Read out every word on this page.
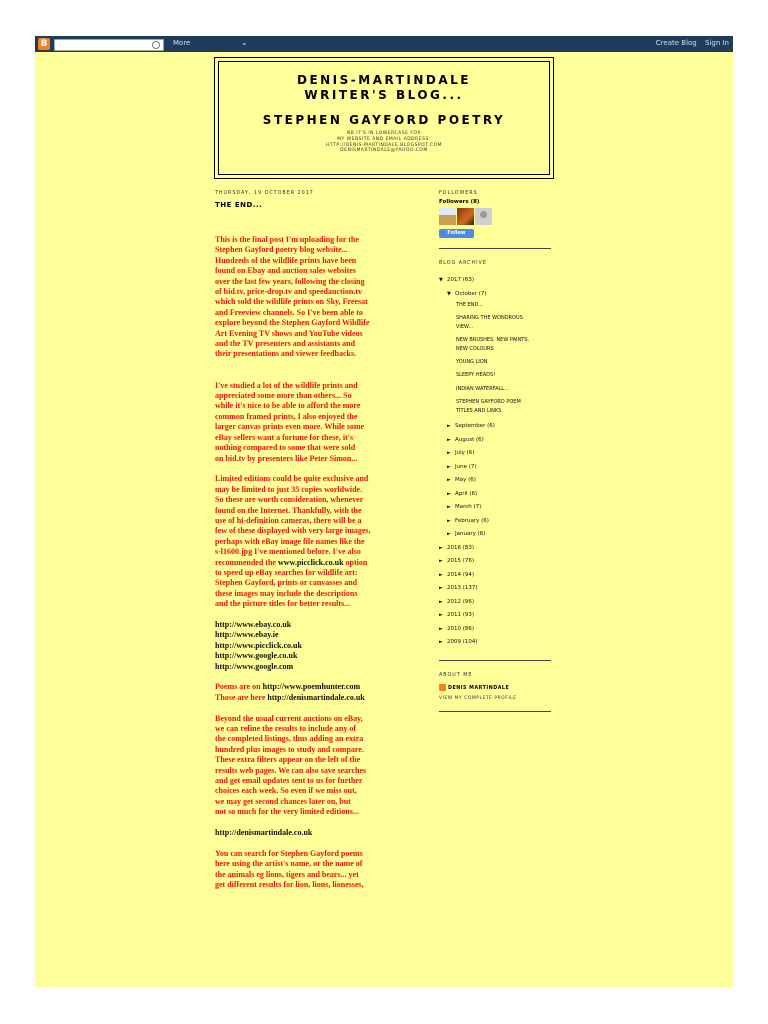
B	More	⌄	Create Blog Sign In
DENIS-MARTINDALE
WRITER'S BLOG...
STEPHEN GAYFORD POETRY
NB IT'S IN LOWERCASE FOR
MY WEBSITE AND EMAIL ADDRESS:
HTTP://DENIS-MARTINDALE.BLOGSPOT.COM
DENISMARTINDALE@YAHOO.COM
THURSDAY, 19 OCTOBER 2017
THE END...

This is the final post I'm uploading for the
Stephen Gayford poetry blog website...
Hundreds of the wildlife prints have been
found on Ebay and auction sales websites
over the last few years, following the closing
of bid.tv, price-drop.tv and speedauction.tv
which sold the wildlife prints on Sky, Freesat
and Freeview channels. So I've been able to
explore beyond the Stephen Gayford Wildlife
Art Evening TV shows and YouTube videos
and the TV presenters and assistants and
their presentations and viewer feedbacks.

I've studied a lot of the wildlife prints and
appreciated some more than others... So
while it's nice to be able to afford the more
common framed prints, I also enjoyed the
larger canvas prints even more. While some
eBay sellers want a fortune for these, it's
nothing compared to some that were sold
on bid.tv by presenters like Peter Simon...

Limited editions could be quite exclusive and
may be limited to just 35 copies worldwide.
So these are worth consideration, whenever
found on the Internet. Thankfully, with the
use of hi-definition cameras, there will be a
few of these displayed with very large images,
perhaps with eBay image file names like the
s-l1600.jpg I've mentioned before. I've also
recommended the www.picclick.co.uk option
to speed up eBay searches for wildlife art:
Stephen Gayford, prints or canvasses and
these images may include the descriptions
and the picture titles for better results...

http://www.ebay.co.uk
http://www.ebay.ie
http://www.picclick.co.uk
http://www.google.co.uk
http://www.google.com

Poems are on http://www.poemhunter.com
Those are here http://denismartindale.co.uk

Beyond the usual current auctions on eBay,
we can refine the results to include any of
the completed listings, thus adding an extra
hundred plus images to study and compare.
These extra filters appear on the left of the
results web pages. We can also save searches
and get email updates sent to us for further
choices each week. So even if we miss out,
we may get second chances later on, but
not so much for the very limited editions...

http://denismartindale.co.uk

You can search for Stephen Gayford poems
here using the artist's name, or the name of
the animals eg lions, tigers and bears... yet
get different results for lion, lions, lionesses,

FOLLOWERS
Followers (8)
Follow
BLOG ARCHIVE
▼ 2017 (63)
▼ October (7)
THE END...
SHARING THE WONDROUS
VIEW...
NEW BRUSHES, NEW PAINTS,
NEW COLOURS
YOUNG LION
SLEEPY HEADS!
INDIAN WATERFALL...
STEPHEN GAYFORD POEM
TITLES AND LINKS
► September (6)
► August (6)
► July (6)
► June (7)
► May (6)
► April (6)
► March (7)
► February (6)
► January (6)
► 2016 (83)
► 2015 (76)
► 2014 (94)
► 2013 (137)
► 2012 (96)
► 2011 (93)
► 2010 (86)
► 2009 (104)
ABOUT ME
DENIS MARTINDALE
VIEW MY COMPLETE PROFILE
